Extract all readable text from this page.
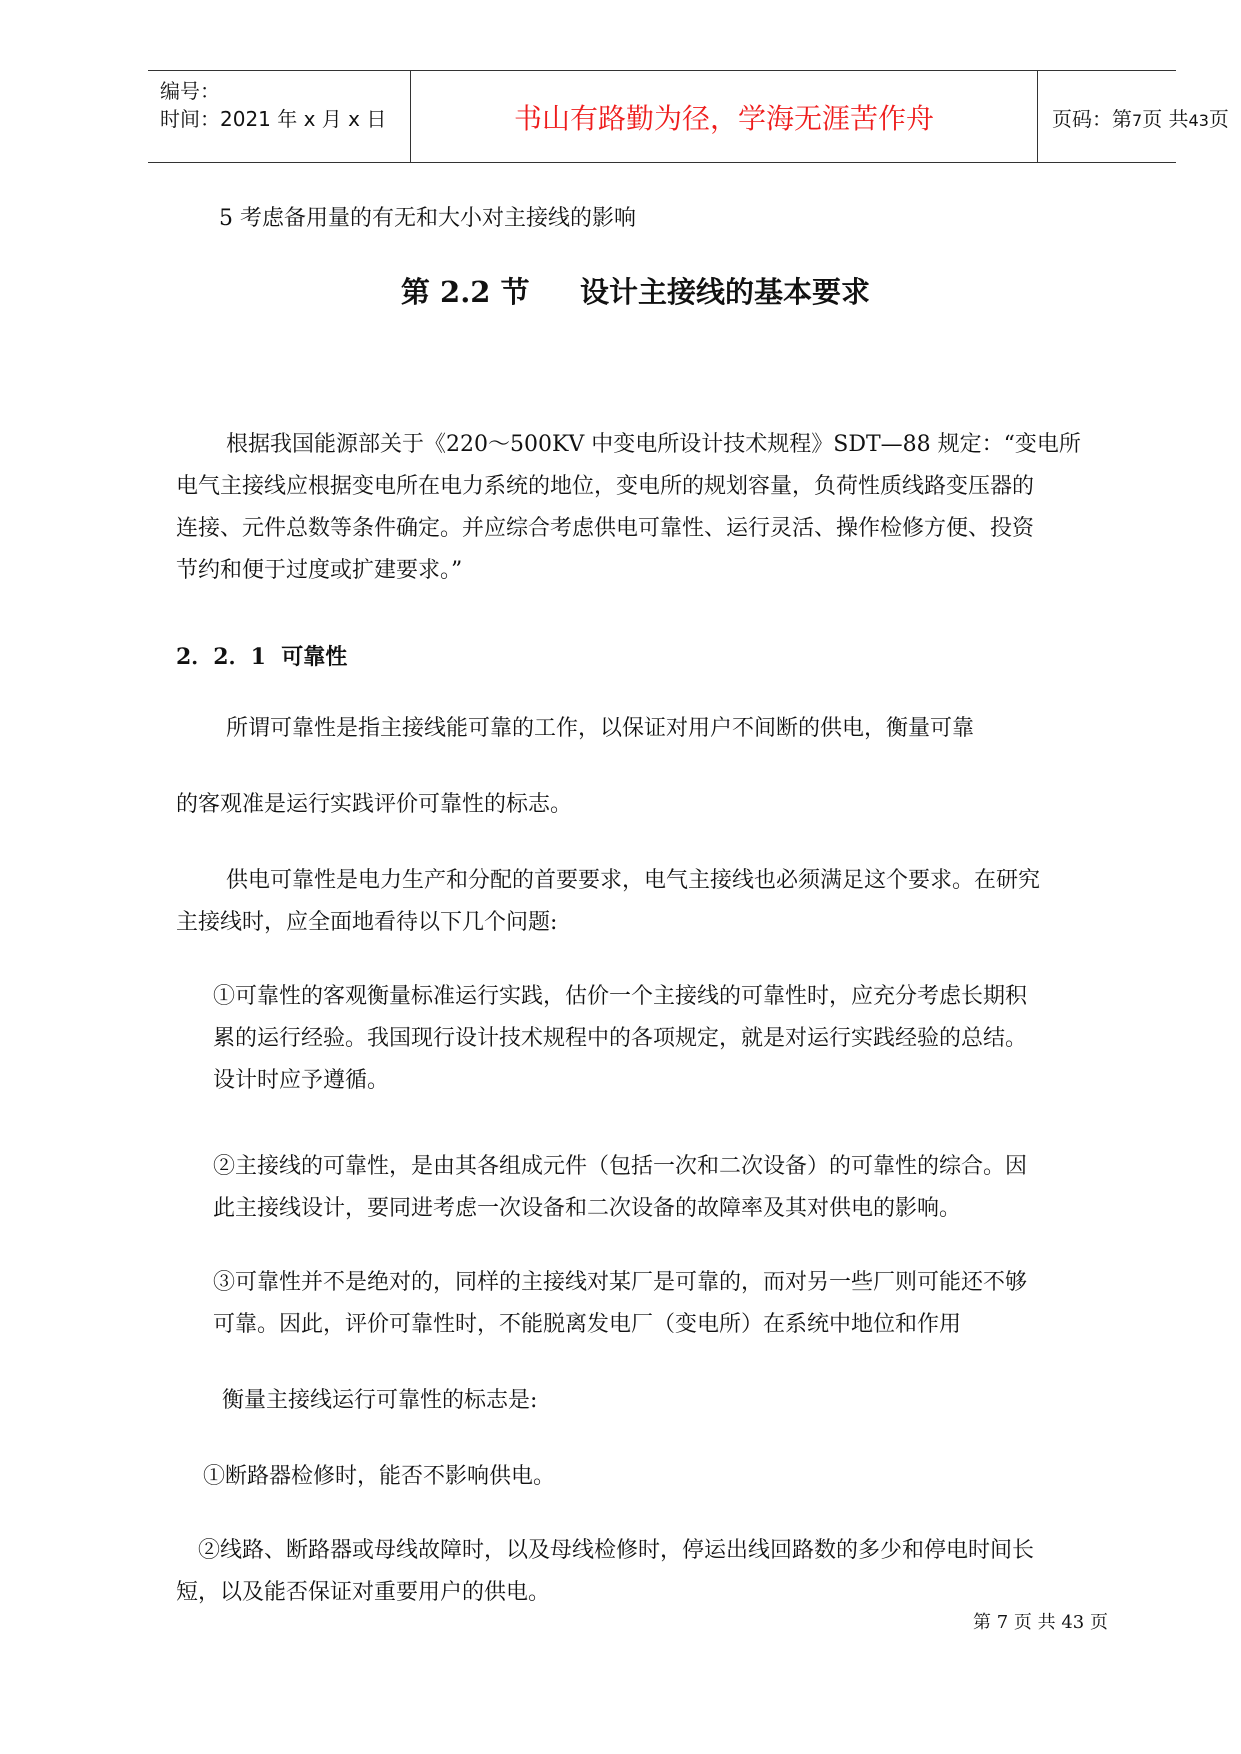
编号：
时间：2021 年 x 月 x 日	书山有路勤为径，学海无涯苦作舟	页码：第7页 共43页
5 考虑备用量的有无和大小对主接线的影响
第 2.2 节     设计主接线的基本要求
根据我国能源部关于《220～500KV 中变电所设计技术规程》SDT—88 规定：“变电所
电气主接线应根据变电所在电力系统的地位，变电所的规划容量，负荷性质线路变压器的
连接、元件总数等条件确定。并应综合考虑供电可靠性、运行灵活、操作检修方便、投资
节约和便于过度或扩建要求。”
2．2．1  可靠性
所谓可靠性是指主接线能可靠的工作，以保证对用户不间断的供电，衡量可靠
的客观准是运行实践评价可靠性的标志。
供电可靠性是电力生产和分配的首要要求，电气主接线也必须满足这个要求。在研究
主接线时，应全面地看待以下几个问题:
①可靠性的客观衡量标准运行实践，估价一个主接线的可靠性时，应充分考虑长期积
累的运行经验。我国现行设计技术规程中的各项规定，就是对运行实践经验的总结。
设计时应予遵循。
②主接线的可靠性，是由其各组成元件（包括一次和二次设备）的可靠性的综合。因
此主接线设计，要同进考虑一次设备和二次设备的故障率及其对供电的影响。
③可靠性并不是绝对的，同样的主接线对某厂是可靠的，而对另一些厂则可能还不够
可靠。因此，评价可靠性时，不能脱离发电厂（变电所）在系统中地位和作用
衡量主接线运行可靠性的标志是:
①断路器检修时，能否不影响供电。
②线路、断路器或母线故障时，以及母线检修时，停运出线回路数的多少和停电时间长
短，以及能否保证对重要用户的供电。
第 7 页 共 43 页
